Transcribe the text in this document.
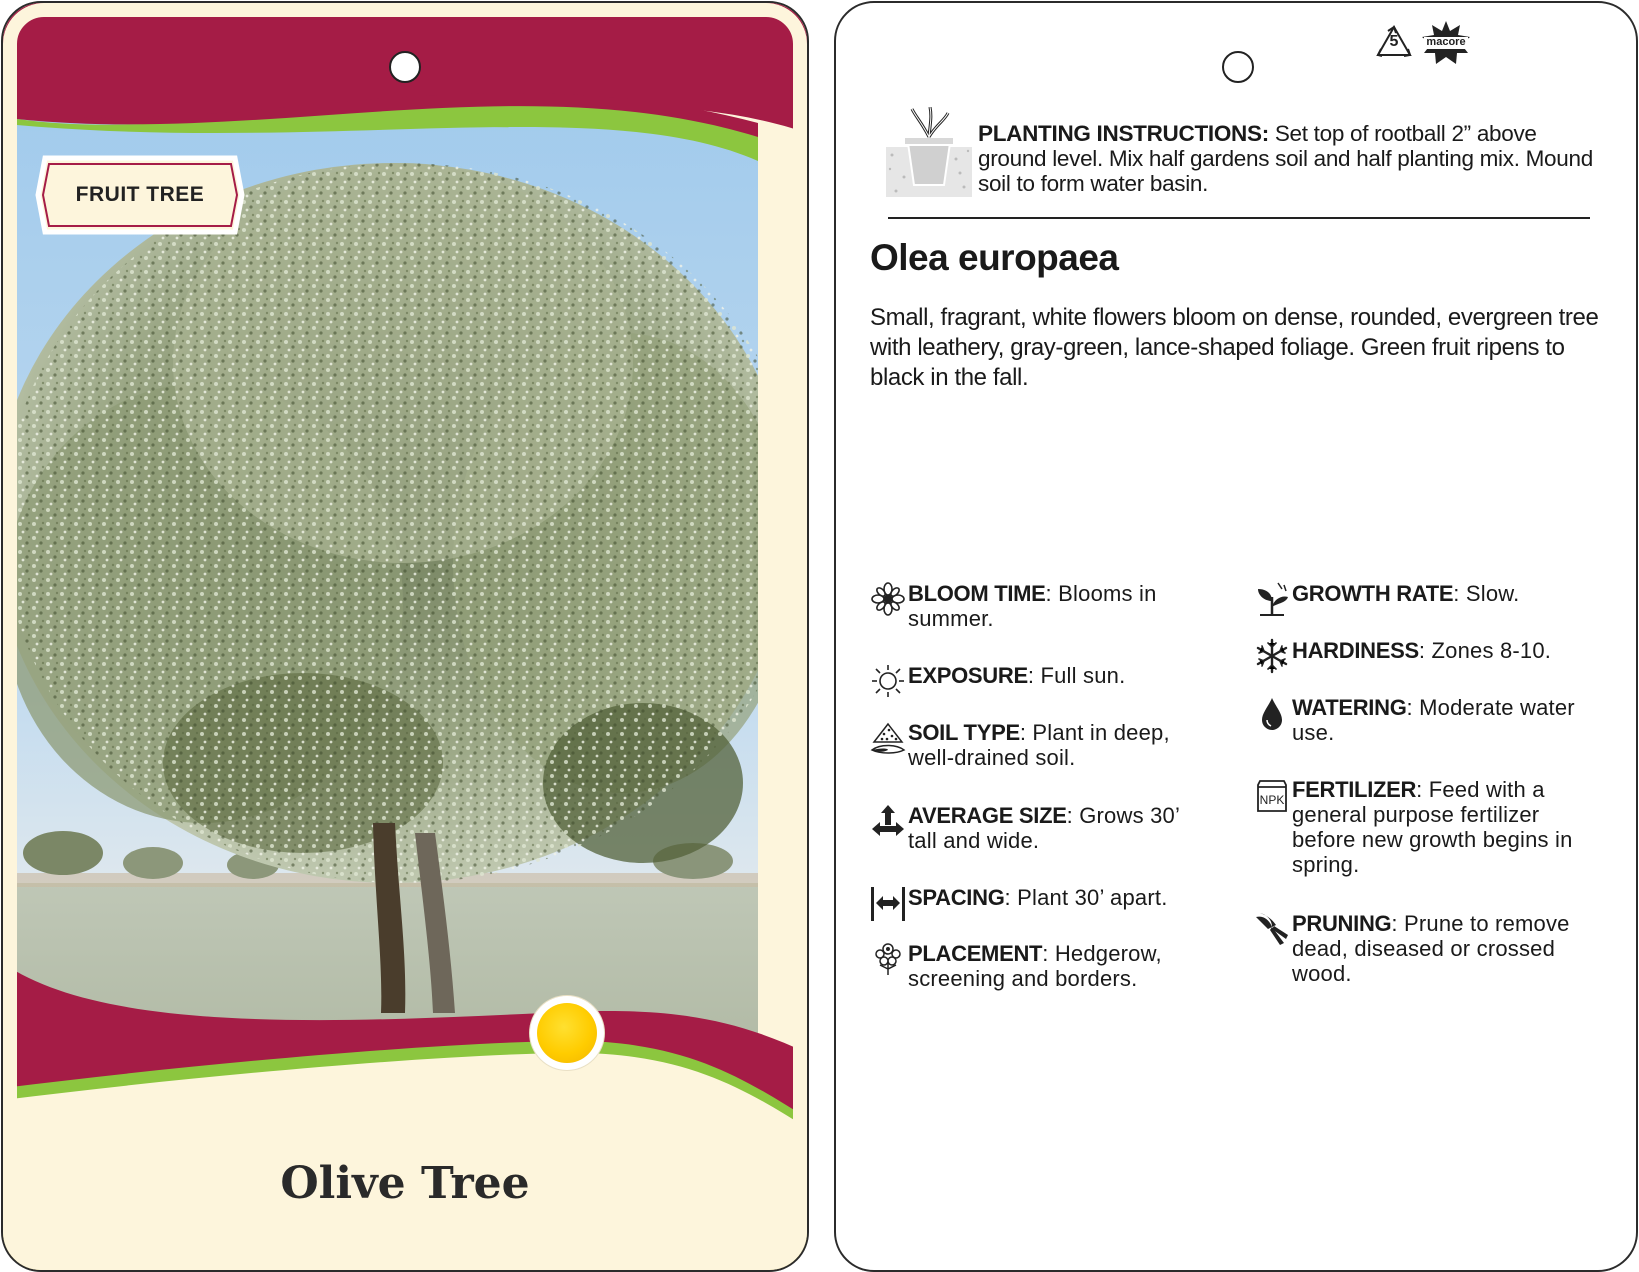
FRUIT TREE
Olive Tree
5	macore
PLANTING INSTRUCTIONS: Set top of rootball 2” above ground level. Mix half gardens soil and half planting mix. Mound soil to form water basin.
Olea europaea
Small, fragrant, white flowers bloom on dense, rounded, evergreen tree with leathery, gray-green, lance-shaped foliage. Green fruit ripens to black in the fall.
BLOOM TIME: Blooms in summer.
EXPOSURE: Full sun.
SOIL TYPE: Plant in deep, well-drained soil.
AVERAGE SIZE: Grows 30’ tall and wide.
SPACING: Plant 30’ apart.
PLACEMENT: Hedgerow, screening and borders.
GROWTH RATE: Slow.
HARDINESS: Zones 8-10.
WATERING: Moderate water use.
NPK FERTILIZER: Feed with a general purpose fertilizer before new growth begins in spring.
PRUNING: Prune to remove dead, diseased or crossed wood.
